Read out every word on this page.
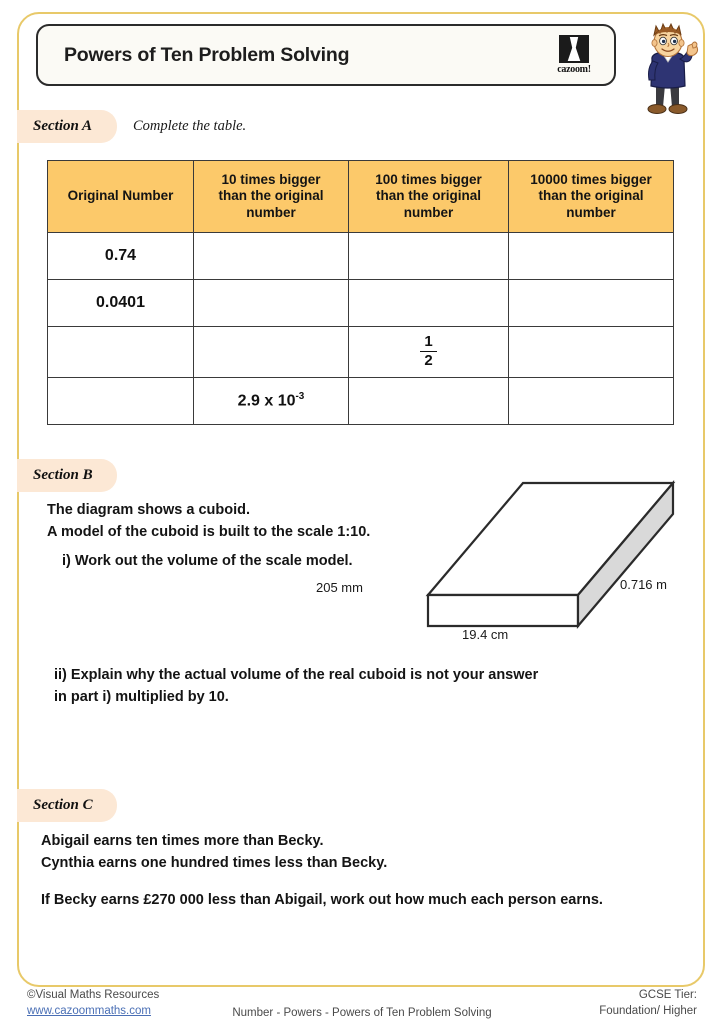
Powers of Ten Problem Solving
cazoom!
Section A	Complete the table.
Original Number	10 times bigger
than the original
number	100 times bigger
than the original
number	10000 times bigger
than the original
number
0.74			
0.0401			

		$\frac{1}{2}$

	2.9 x $10^{-3}$		
Section B
The diagram shows a cuboid.
A model of the cuboid is built to the scale 1:10.
i) Work out the volume of the scale model.
205 mm
19.4 cm
0.716 m
ii) Explain why the actual volume of the real cuboid is not your answer
in part i) multiplied by 10.
Section C
Abigail earns ten times more than Becky.
Cynthia earns one hundred times less than Becky.
If Becky earns £270 000 less than Abigail, work out how much each person earns.
©Visual Maths Resources
www.cazoommaths.com	Number - Powers - Powers of Ten Problem Solving
GCSE Tier:
Foundation/ Higher
